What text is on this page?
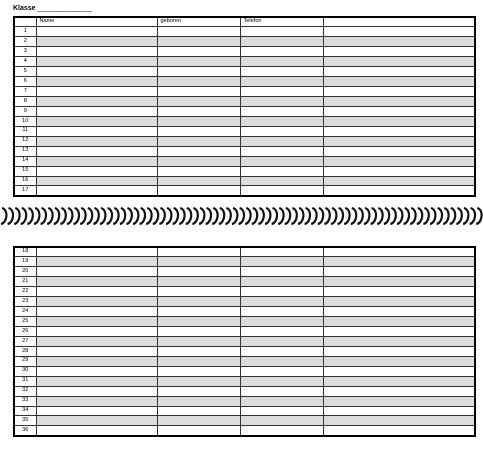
Klasse ______________
	Name	geboren	Telefon	
1				
2				
3				
4				
5				
6				
7				
8				
9				
10				
11				
12				
13				
14				
15				
16				
17				
18				
19				
20				
21				
22				
23				
24				
25				
26				
27				
28				
29				
30				
31				
32				
33				
34				
35				
36				
